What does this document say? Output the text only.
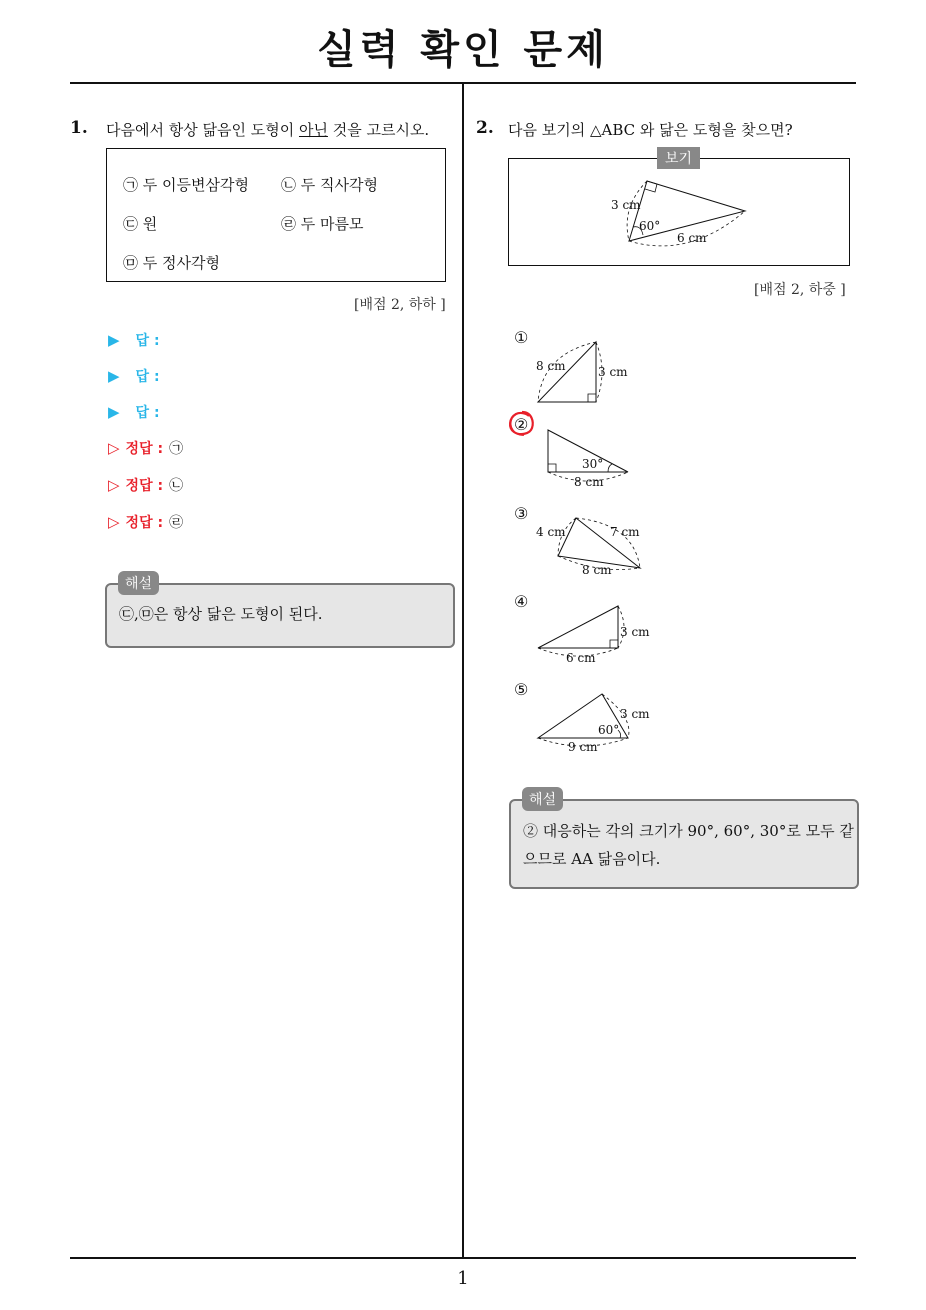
실력 확인 문제
1. 다음에서 항상 닮음인 도형이 아닌 것을 고르시오.
㉠ 두 이등변삼각형 ㉡ 두 직사각형
㉢ 원	㉣ 두 마름모
㉤ 두 정사각형
[배점 2, 하하 ]
▶ 답 :
▶ 답 :
▶ 답 :
▷ 정답 : ㉠
▷ 정답 : ㉡
▷ 정답 : ㉣
㉢,㉤은 항상 닮은 도형이 된다.
해설
2. 다음 보기의 △ABC 와 닮은 도형을 찾으면?
3 cm
60°
6 cm
보기
[배점 2, 하중 ]
①
8 cm	3 cm
②
30°
8 cm
③
4 cm	7 cm
8 cm
④
3 cm
6 cm
⑤
3 cm
60°
9 cm
② 대응하는 각의 크기가 90°, 60°, 30°로 모두 같
으므로 AA 닮음이다.
해설
1
